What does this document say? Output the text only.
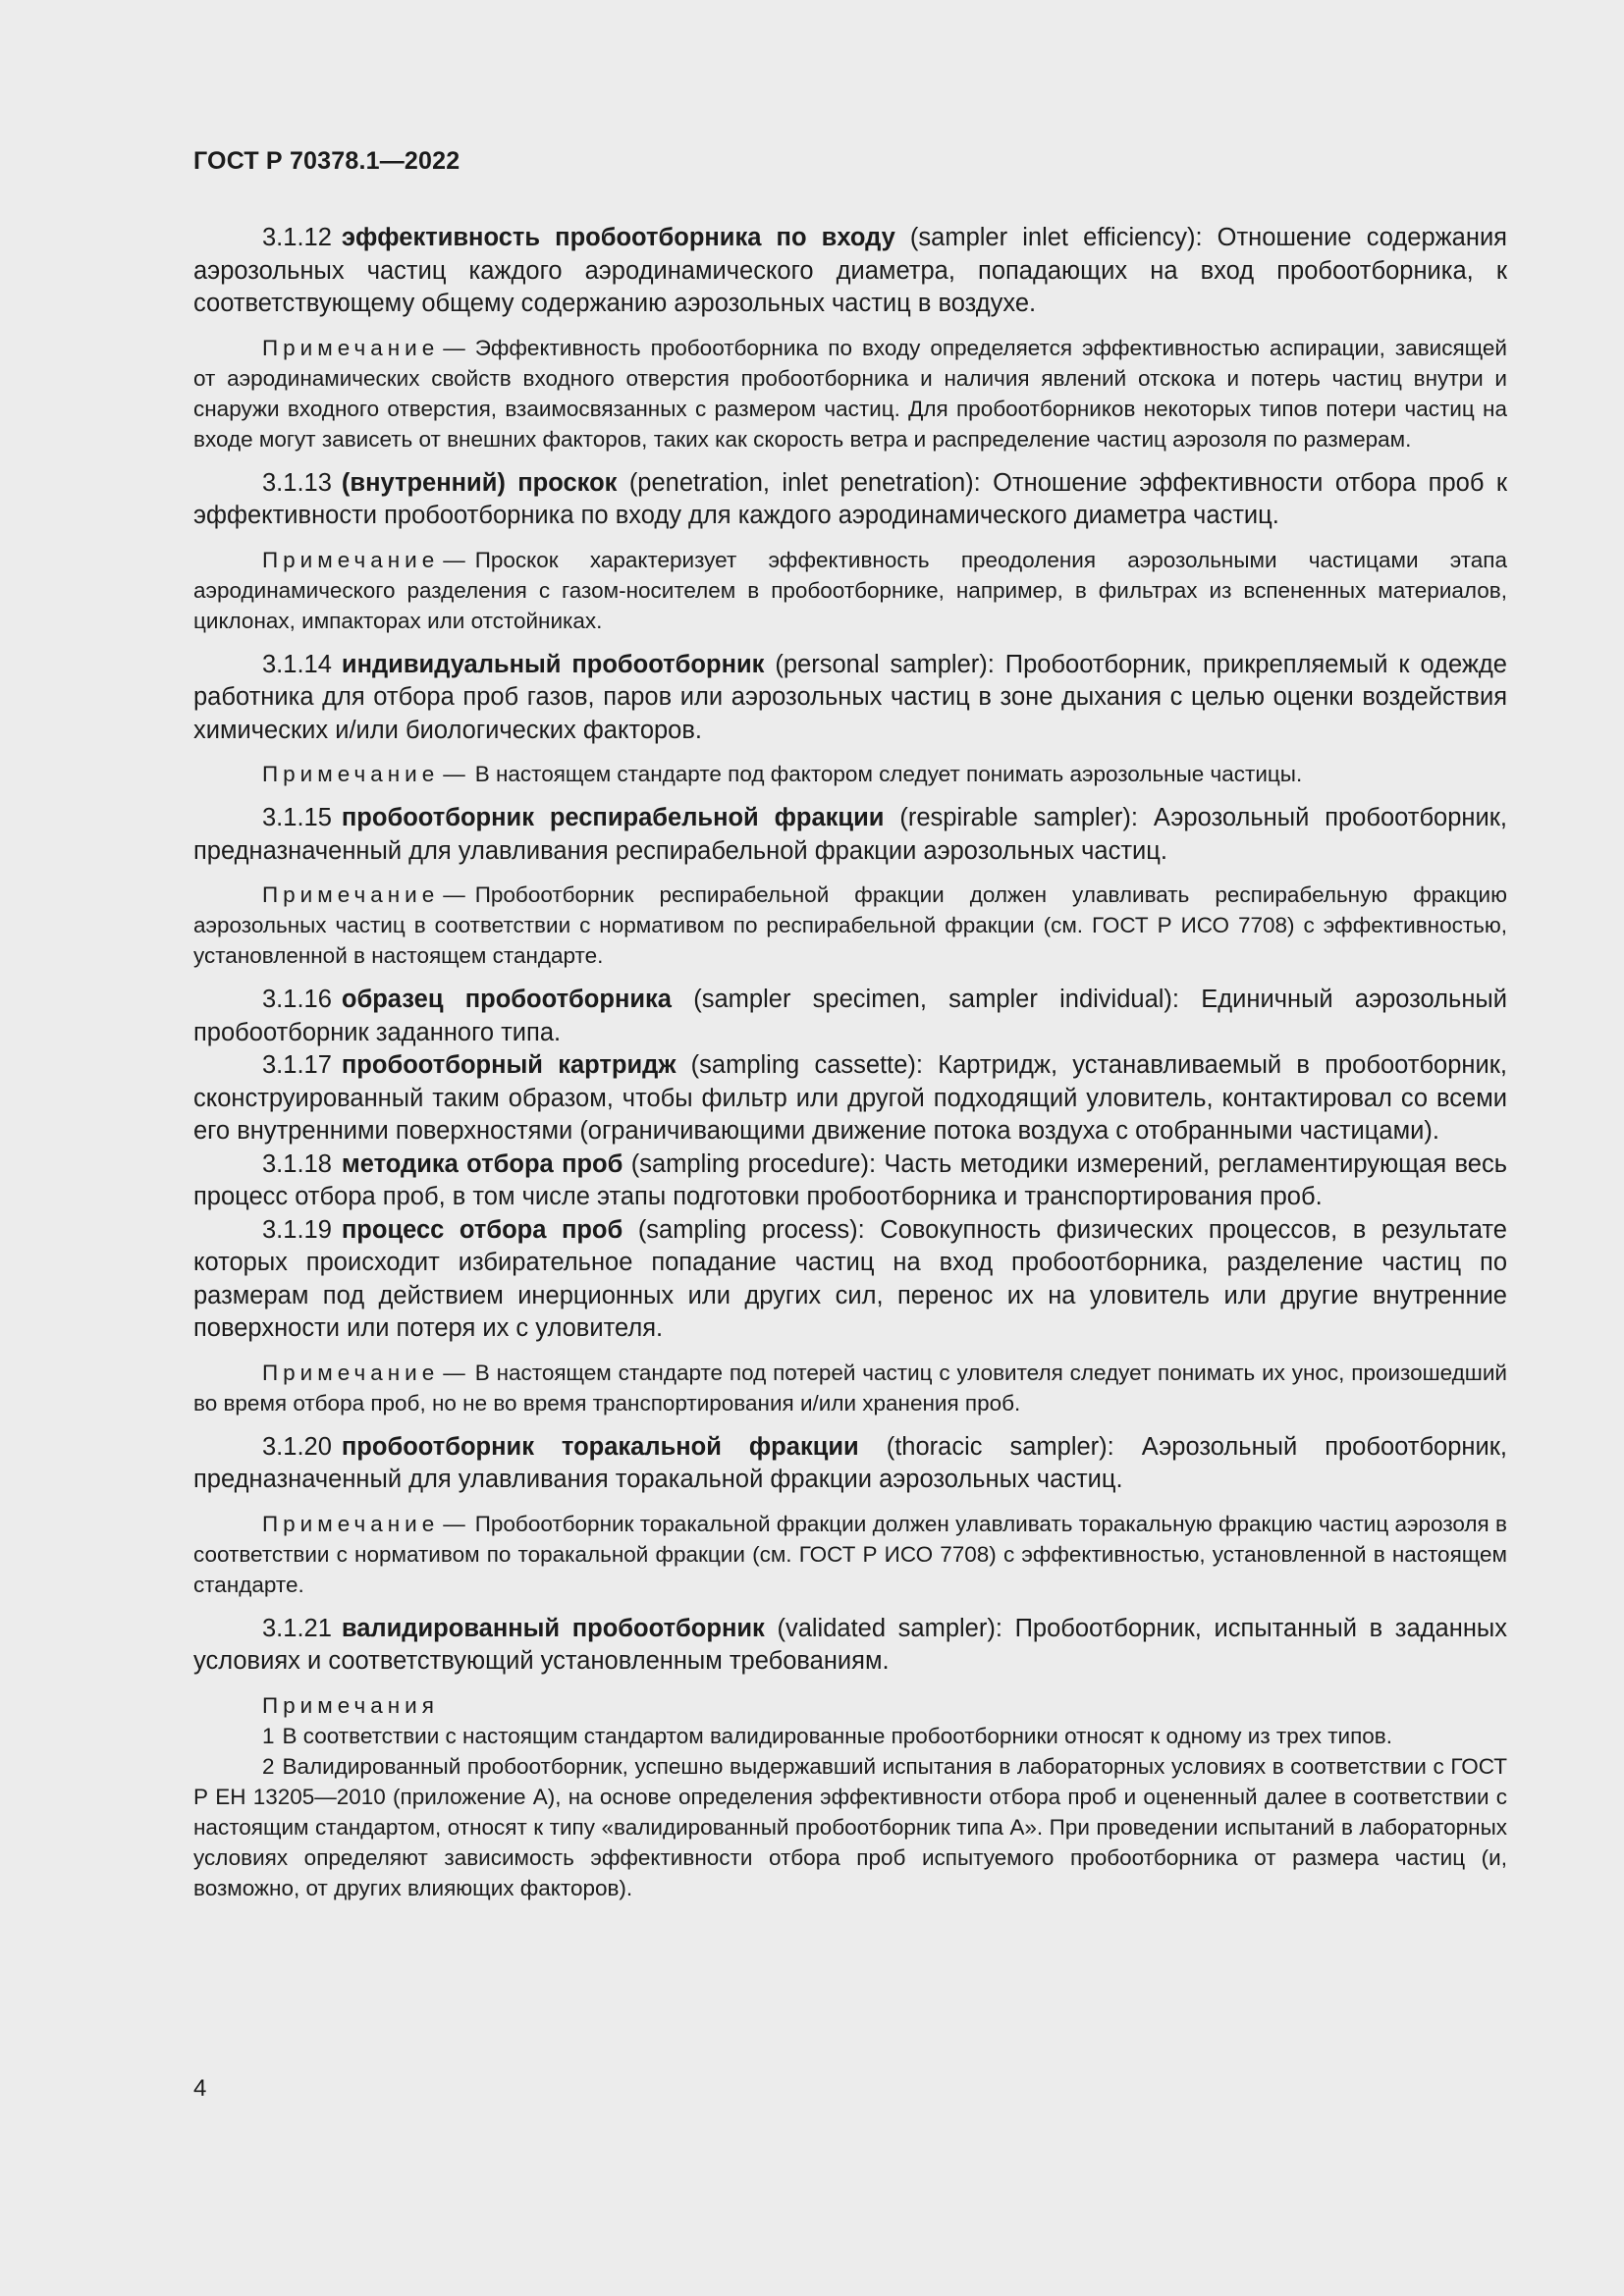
ГОСТ Р 70378.1—2022

3.1.12 эффективность пробоотборника по входу (sampler inlet efficiency): Отношение содержания аэрозольных частиц каждого аэродинамического диаметра, попадающих на вход пробоотборника, к соответствующему общему содержанию аэрозольных частиц в воздухе.

Примечание — Эффективность пробоотборника по входу определяется эффективностью аспирации, зависящей от аэродинамических свойств входного отверстия пробоотборника и наличия явлений отскока и потерь частиц внутри и снаружи входного отверстия, взаимосвязанных с размером частиц. Для пробоотборников некоторых типов потери частиц на входе могут зависеть от внешних факторов, таких как скорость ветра и распределение частиц аэрозоля по размерам.

3.1.13 (внутренний) проскок (penetration, inlet penetration): Отношение эффективности отбора проб к эффективности пробоотборника по входу для каждого аэродинамического диаметра частиц.

Примечание — Проскок характеризует эффективность преодоления аэрозольными частицами этапа аэродинамического разделения с газом-носителем в пробоотборнике, например, в фильтрах из вспененных материалов, циклонах, импакторах или отстойниках.

3.1.14 индивидуальный пробоотборник (personal sampler): Пробоотборник, прикрепляемый к одежде работника для отбора проб газов, паров или аэрозольных частиц в зоне дыхания с целью оценки воздействия химических и/или биологических факторов.

Примечание — В настоящем стандарте под фактором следует понимать аэрозольные частицы.

3.1.15 пробоотборник респирабельной фракции (respirable sampler): Аэрозольный пробоотборник, предназначенный для улавливания респирабельной фракции аэрозольных частиц.

Примечание — Пробоотборник респирабельной фракции должен улавливать респирабельную фракцию аэрозольных частиц в соответствии с нормативом по респирабельной фракции (см. ГОСТ Р ИСО 7708) с эффективностью, установленной в настоящем стандарте.

3.1.16 образец пробоотборника (sampler specimen, sampler individual): Единичный аэрозольный пробоотборник заданного типа.

3.1.17 пробоотборный картридж (sampling cassette): Картридж, устанавливаемый в пробоотборник, сконструированный таким образом, чтобы фильтр или другой подходящий уловитель, контактировал со всеми его внутренними поверхностями (ограничивающими движение потока воздуха с отобранными частицами).

3.1.18 методика отбора проб (sampling procedure): Часть методики измерений, регламентирующая весь процесс отбора проб, в том числе этапы подготовки пробоотборника и транспортирования проб.

3.1.19 процесс отбора проб (sampling process): Совокупность физических процессов, в результате которых происходит избирательное попадание частиц на вход пробоотборника, разделение частиц по размерам под действием инерционных или других сил, перенос их на уловитель или другие внутренние поверхности или потеря их с уловителя.

Примечание — В настоящем стандарте под потерей частиц с уловителя следует понимать их унос, произошедший во время отбора проб, но не во время транспортирования и/или хранения проб.

3.1.20 пробоотборник торакальной фракции (thoracic sampler): Аэрозольный пробоотборник, предназначенный для улавливания торакальной фракции аэрозольных частиц.

Примечание — Пробоотборник торакальной фракции должен улавливать торакальную фракцию частиц аэрозоля в соответствии с нормативом по торакальной фракции (см. ГОСТ Р ИСО 7708) с эффективностью, установленной в настоящем стандарте.

3.1.21 валидированный пробоотборник (validated sampler): Пробоотборник, испытанный в заданных условиях и соответствующий установленным требованиям.

Примечания

1 В соответствии с настоящим стандартом валидированные пробоотборники относят к одному из трех типов.

2 Валидированный пробоотборник, успешно выдержавший испытания в лабораторных условиях в соответствии с ГОСТ Р ЕН 13205—2010 (приложение А), на основе определения эффективности отбора проб и оцененный далее в соответствии с настоящим стандартом, относят к типу «валидированный пробоотборник типа А». При проведении испытаний в лабораторных условиях определяют зависимость эффективности отбора проб испытуемого пробоотборника от размера частиц (и, возможно, от других влияющих факторов).

4
